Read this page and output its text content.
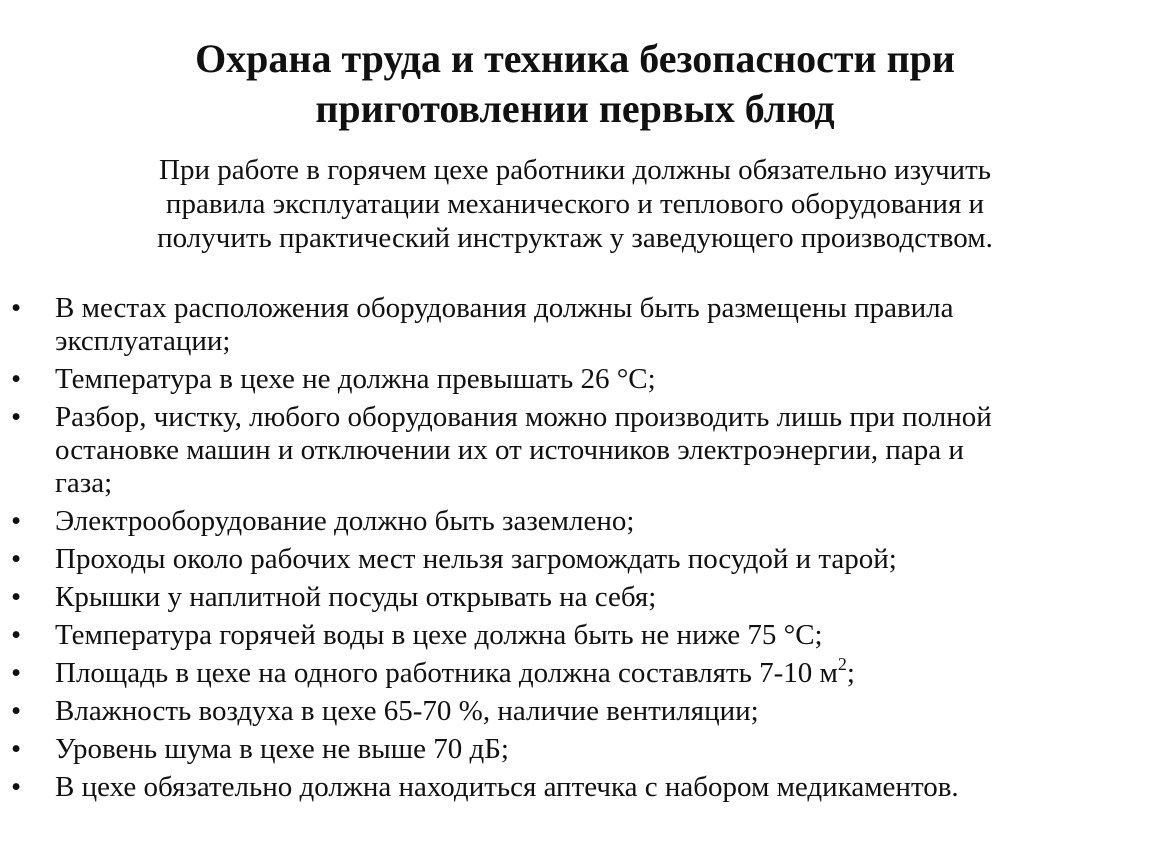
Охрана труда и техника безопасности при
приготовлении первых блюд

При работе в горячем цехе работники должны обязательно изучить
правила эксплуатации механического и теплового оборудования и
получить практический инструктаж у заведующего производством.

•	В местах расположения оборудования должны быть размещены правила
эксплуатации;
•	Температура в цехе не должна превышать 26 °С;
•	Разбор, чистку, любого оборудования можно производить лишь при полной
остановке машин и отключении их от источников электроэнергии, пара и
газа;
•	Электрооборудование должно быть заземлено;
•	Проходы около рабочих мест нельзя загромождать посудой и тарой;
•	Крышки у наплитной посуды открывать на себя;
•	Температура горячей воды в цехе должна быть не ниже 75 °С;
•	Площадь в цехе на одного работника должна составлять 7-10 $м^2$;
•	Влажность воздуха в цехе 65-70 %, наличие вентиляции;
•	Уровень шума в цехе не выше 70 дБ;
•	В цехе обязательно должна находиться аптечка с набором медикаментов.
